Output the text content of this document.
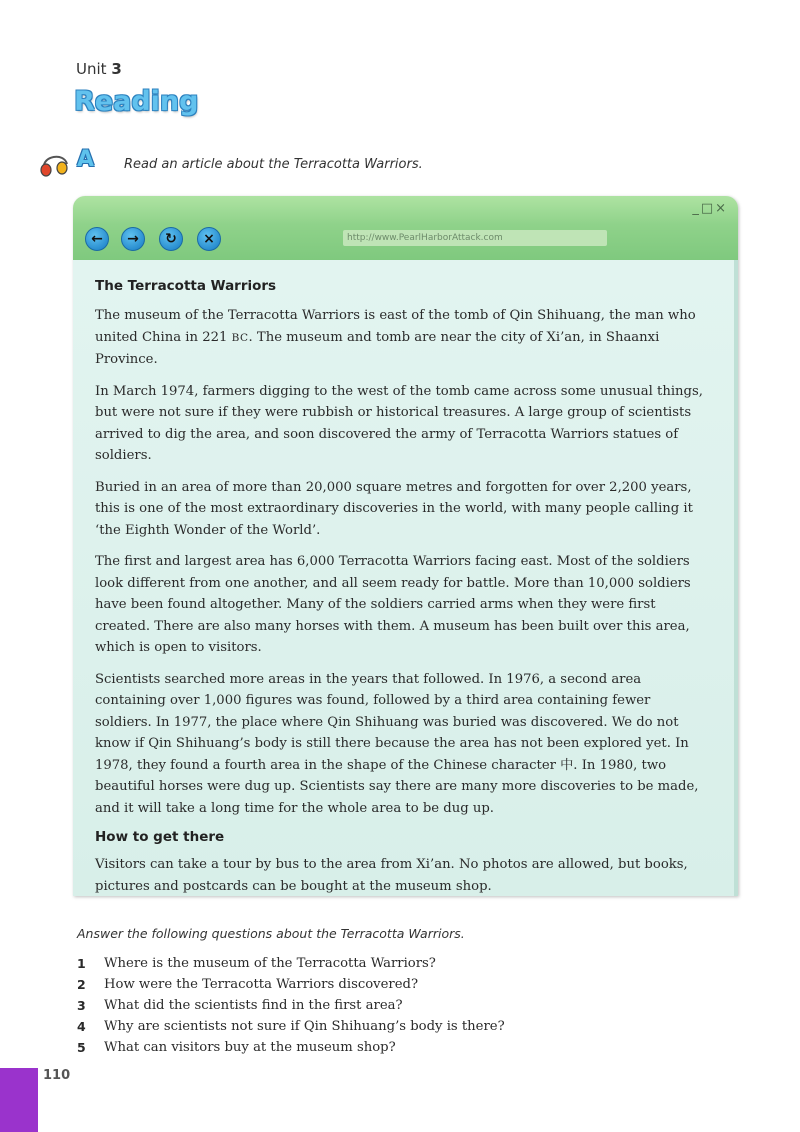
Unit 3
Reading
A Read an article about the Terracotta Warriors.
_□×
←	→	↻	×	http://www.PearlHarborAttack.com
The Terracotta Warriors

The museum of the Terracotta Warriors is east of the tomb of Qin Shihuang, the man who united China in 221 BC. The museum and tomb are near the city of Xi’an, in Shaanxi Province.

In March 1974, farmers digging to the west of the tomb came across some unusual things, but were not sure if they were rubbish or historical treasures. A large group of scientists arrived to dig the area, and soon discovered the army of Terracotta Warriors statues of soldiers.

Buried in an area of more than 20,000 square metres and forgotten for over 2,200 years, this is one of the most extraordinary discoveries in the world, with many people calling it ‘the Eighth Wonder of the World’.

The first and largest area has 6,000 Terracotta Warriors facing east. Most of the soldiers look different from one another, and all seem ready for battle. More than 10,000 soldiers have been found altogether. Many of the soldiers carried arms when they were first created. There are also many horses with them. A museum has been built over this area, which is open to visitors.

Scientists searched more areas in the years that followed. In 1976, a second area containing over 1,000 figures was found, followed by a third area containing fewer soldiers. In 1977, the place where Qin Shihuang was buried was discovered. We do not know if Qin Shihuang’s body is still there because the area has not been explored yet. In 1978, they found a fourth area in the shape of the Chinese character 中. In 1980, two beautiful horses were dug up. Scientists say there are many more discoveries to be made, and it will take a long time for the whole area to be dug up.

How to get there

Visitors can take a tour by bus to the area from Xi’an. No photos are allowed, but books, pictures and postcards can be bought at the museum shop.

Answer the following questions about the Terracotta Warriors.
1 Where is the museum of the Terracotta Warriors?
2 How were the Terracotta Warriors discovered?
3 What did the scientists find in the first area?
4 Why are scientists not sure if Qin Shihuang’s body is there?
5 What can visitors buy at the museum shop?
110
